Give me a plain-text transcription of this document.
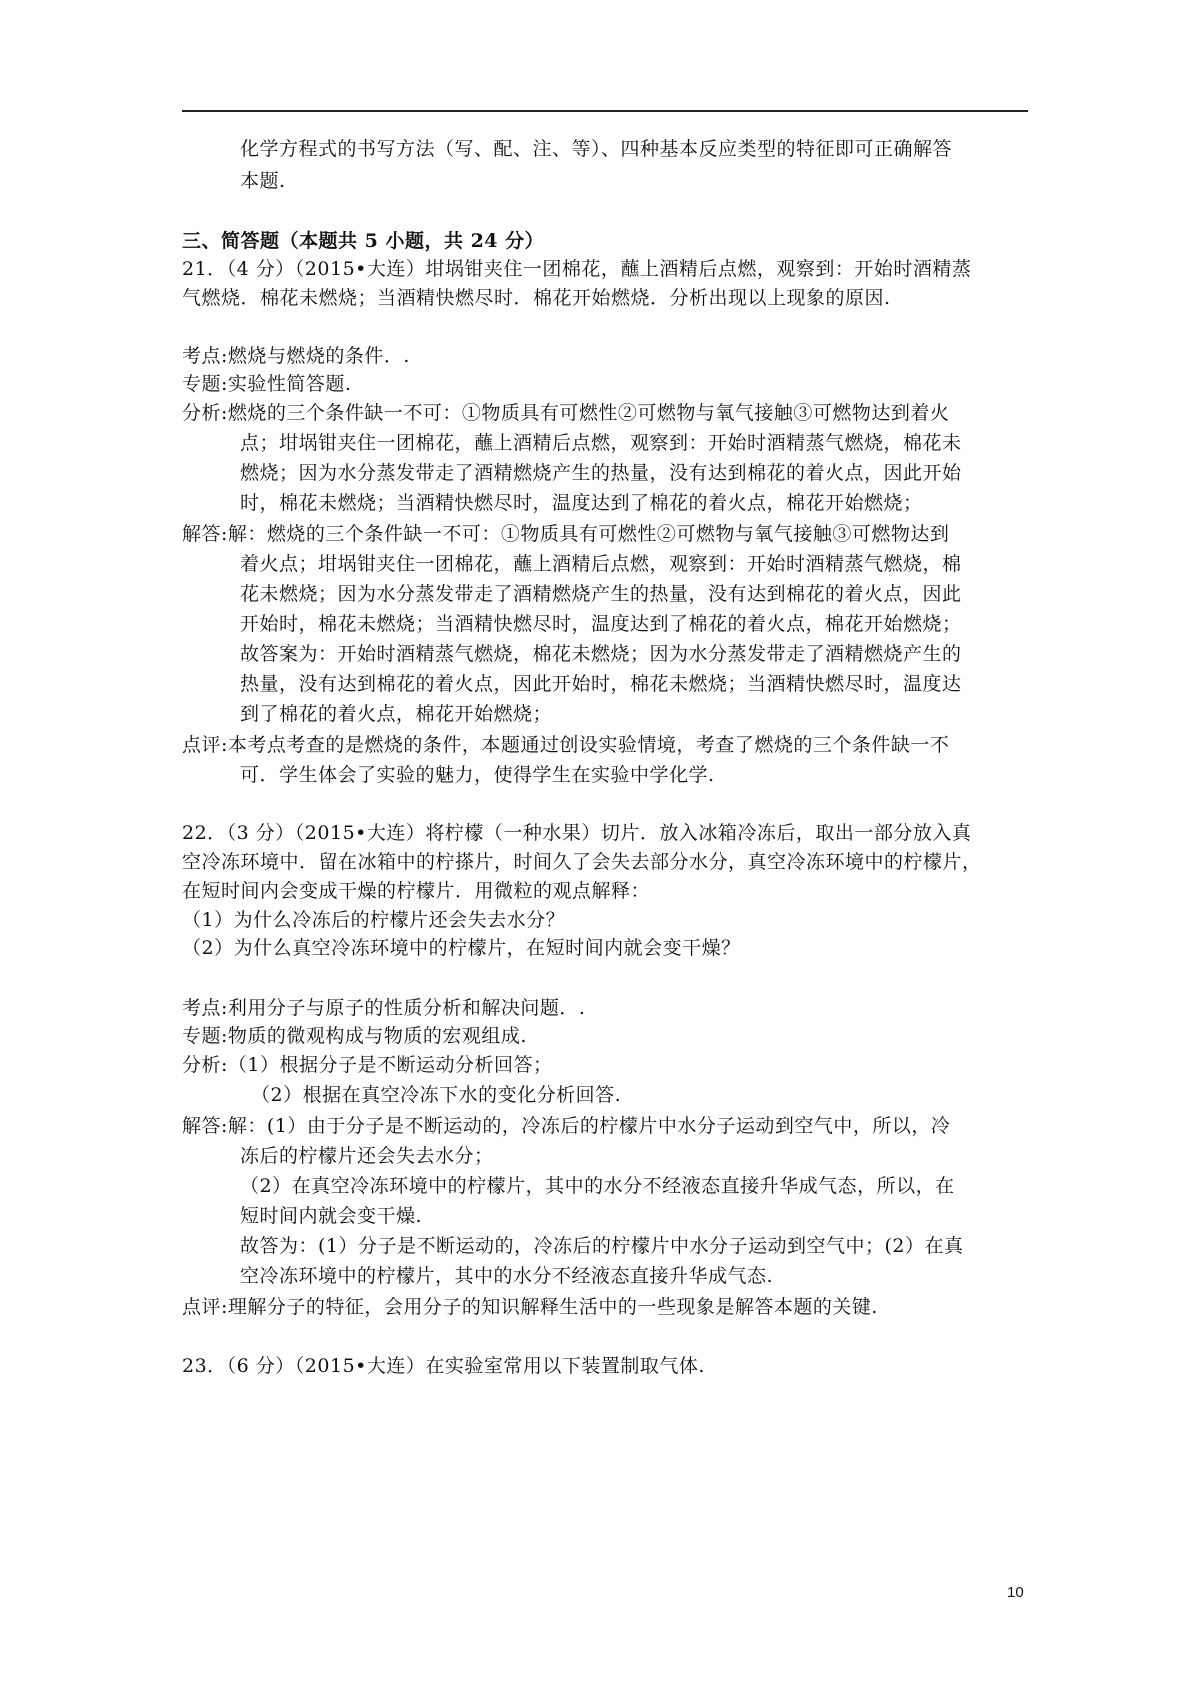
化学方程式的书写方法（写、配、注、等）、四种基本反应类型的特征即可正确解答
本题.
三、简答题（本题共 5 小题，共 24 分）
21．（4 分）（2015•大连）坩埚钳夹住一团棉花，蘸上酒精后点燃，观察到：开始时酒精蒸
气燃烧．棉花未燃烧；当酒精快燃尽时．棉花开始燃烧．分析出现以上现象的原因.
考点:燃烧与燃烧的条件．.
专题:实验性简答题.
分析:燃烧的三个条件缺一不可：①物质具有可燃性②可燃物与氧气接触③可燃物达到着火
点；坩埚钳夹住一团棉花，蘸上酒精后点燃，观察到：开始时酒精蒸气燃烧，棉花未
燃烧；因为水分蒸发带走了酒精燃烧产生的热量，没有达到棉花的着火点，因此开始
时，棉花未燃烧；当酒精快燃尽时，温度达到了棉花的着火点，棉花开始燃烧；
解答:解：燃烧的三个条件缺一不可：①物质具有可燃性②可燃物与氧气接触③可燃物达到
着火点；坩埚钳夹住一团棉花，蘸上酒精后点燃，观察到：开始时酒精蒸气燃烧，棉
花未燃烧；因为水分蒸发带走了酒精燃烧产生的热量，没有达到棉花的着火点，因此
开始时，棉花未燃烧；当酒精快燃尽时，温度达到了棉花的着火点，棉花开始燃烧；
故答案为：开始时酒精蒸气燃烧，棉花未燃烧；因为水分蒸发带走了酒精燃烧产生的
热量，没有达到棉花的着火点，因此开始时，棉花未燃烧；当酒精快燃尽时，温度达
到了棉花的着火点，棉花开始燃烧；
点评:本考点考查的是燃烧的条件，本题通过创设实验情境，考查了燃烧的三个条件缺一不
可．学生体会了实验的魅力，使得学生在实验中学化学.
22．（3 分）（2015•大连）将柠檬（一种水果）切片．放入冰箱冷冻后，取出一部分放入真
空冷冻环境中．留在冰箱中的柠搽片，时间久了会失去部分水分，真空冷冻环境中的柠檬片，
在短时间内会变成干燥的柠檬片．用微粒的观点解释：
（1）为什么冷冻后的柠檬片还会失去水分？
（2）为什么真空冷冻环境中的柠檬片，在短时间内就会变干燥？
考点:利用分子与原子的性质分析和解决问题．.
专题:物质的微观构成与物质的宏观组成.
分析:（1）根据分子是不断运动分析回答；
（2）根据在真空冷冻下水的变化分析回答.
解答:解：(1）由于分子是不断运动的，冷冻后的柠檬片中水分子运动到空气中，所以，冷
冻后的柠檬片还会失去水分；
（2）在真空冷冻环境中的柠檬片，其中的水分不经液态直接升华成气态，所以，在
短时间内就会变干燥.
故答为：(1）分子是不断运动的，冷冻后的柠檬片中水分子运动到空气中；(2）在真
空冷冻环境中的柠檬片，其中的水分不经液态直接升华成气态.
点评:理解分子的特征，会用分子的知识解释生活中的一些现象是解答本题的关键.
23．（6 分）（2015•大连）在实验室常用以下装置制取气体.
10
